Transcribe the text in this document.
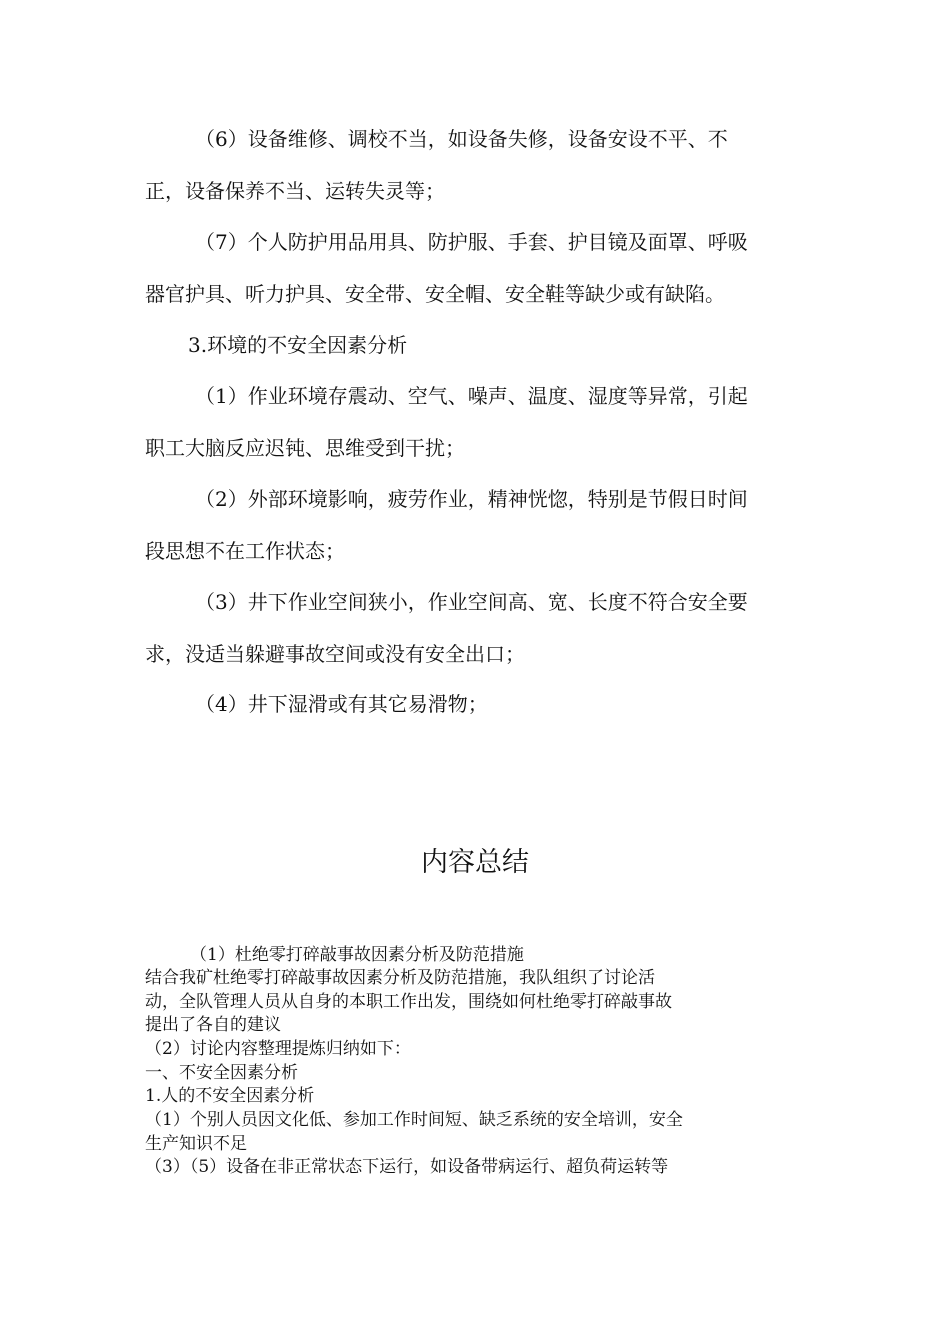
（6）设备维修、调校不当，如设备失修，设备安设不平、不
正，设备保养不当、运转失灵等；
（7）个人防护用品用具、防护服、手套、护目镜及面罩、呼吸
器官护具、听力护具、安全带、安全帽、安全鞋等缺少或有缺陷。
3.环境的不安全因素分析
（1）作业环境存震动、空气、噪声、温度、湿度等异常，引起
职工大脑反应迟钝、思维受到干扰；
（2）外部环境影响，疲劳作业，精神恍惚，特别是节假日时间
段思想不在工作状态；
（3）井下作业空间狭小，作业空间高、宽、长度不符合安全要
求，没适当躲避事故空间或没有安全出口；
（4）井下湿滑或有其它易滑物；
内容总结
（1）杜绝零打碎敲事故因素分析及防范措施
结合我矿杜绝零打碎敲事故因素分析及防范措施，我队组织了讨论活
动，全队管理人员从自身的本职工作出发，围绕如何杜绝零打碎敲事故
提出了各自的建议
（2）讨论内容整理提炼归纳如下：
一、不安全因素分析
1.人的不安全因素分析
（1）个别人员因文化低、参加工作时间短、缺乏系统的安全培训，安全
生产知识不足
（3）（5）设备在非正常状态下运行，如设备带病运行、超负荷运转等
